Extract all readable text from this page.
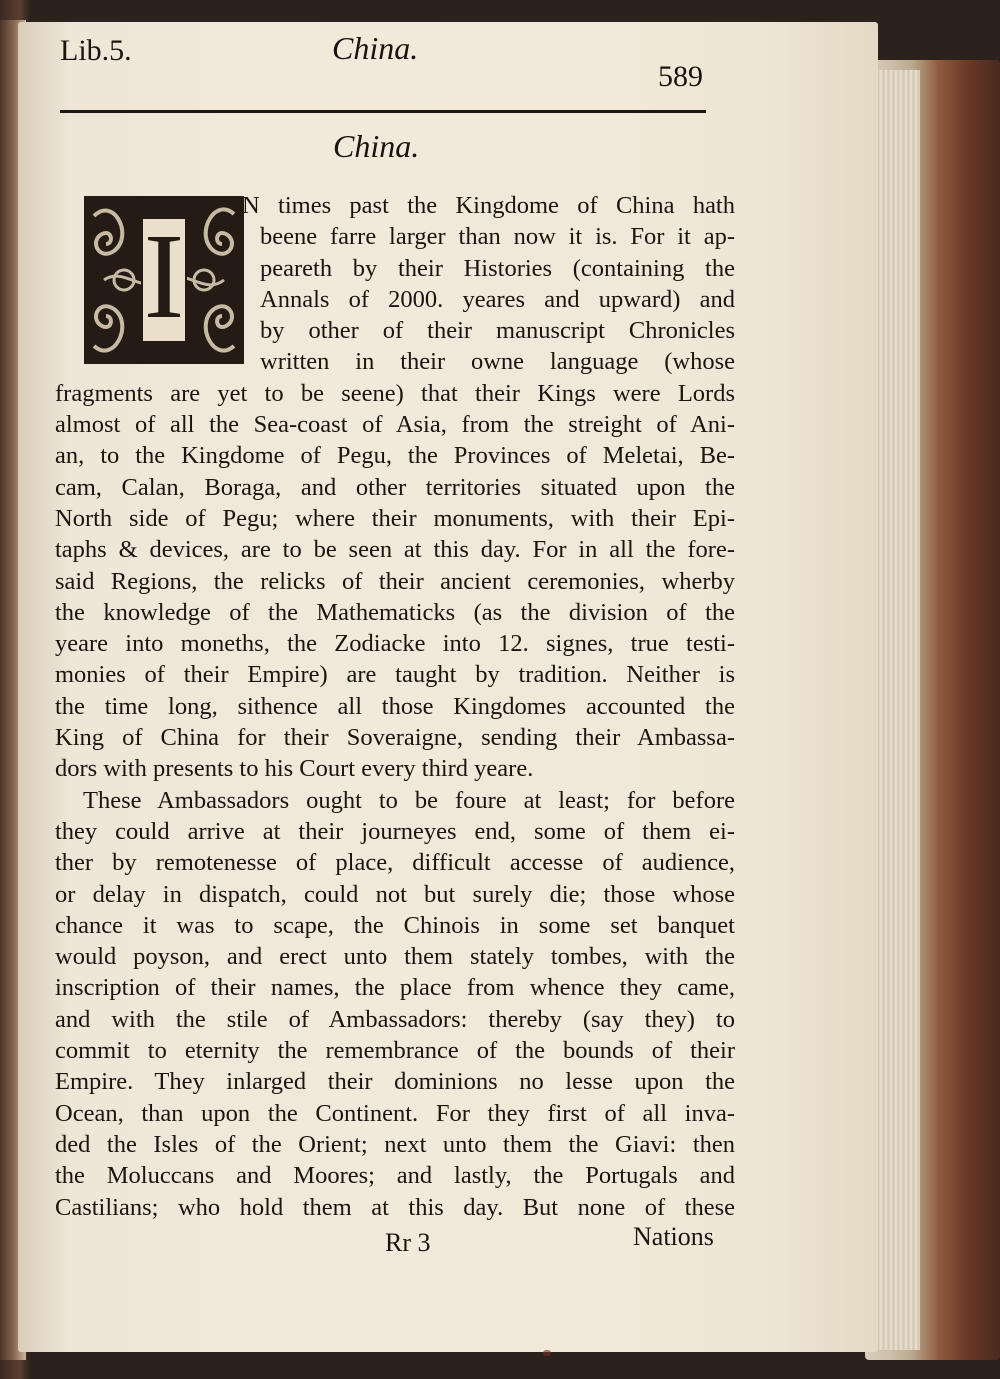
Lib.5.	China.
589
China.
I
N times past the Kingdome of China hath
beene farre larger than now it is. For it ap-
peareth by their Histories (containing the
Annals of 2000. yeares and upward) and
by other of their manuscript Chronicles
written in their owne language (whose
fragments are yet to be seene) that their Kings were Lords
almost of all the Sea-coast of Asia, from the streight of Ani-
an, to the Kingdome of Pegu, the Provinces of Meletai, Be-
cam, Calan, Boraga, and other territories situated upon the
North side of Pegu; where their monuments, with their Epi-
taphs & devices, are to be seen at this day. For in all the fore-
said Regions, the relicks of their ancient ceremonies, wherby
the knowledge of the Mathematicks (as the division of the
yeare into moneths, the Zodiacke into 12. signes, true testi-
monies of their Empire) are taught by tradition. Neither is
the time long, sithence all those Kingdomes accounted the
King of China for their Soveraigne, sending their Ambassa-
dors with presents to his Court every third yeare.
These Ambassadors ought to be foure at least; for before
they could arrive at their journeyes end, some of them ei-
ther by remotenesse of place, difficult accesse of audience,
or delay in dispatch, could not but surely die; those whose
chance it was to scape, the Chinois in some set banquet
would poyson, and erect unto them stately tombes, with the
inscription of their names, the place from whence they came,
and with the stile of Ambassadors: thereby (say they) to
commit to eternity the remembrance of the bounds of their
Empire. They inlarged their dominions no lesse upon the
Ocean, than upon the Continent. For they first of all inva-
ded the Isles of the Orient; next unto them the Giavi: then
the Moluccans and Moores; and lastly, the Portugals and
Castilians; who hold them at this day. But none of these
Rr 3	Nations
